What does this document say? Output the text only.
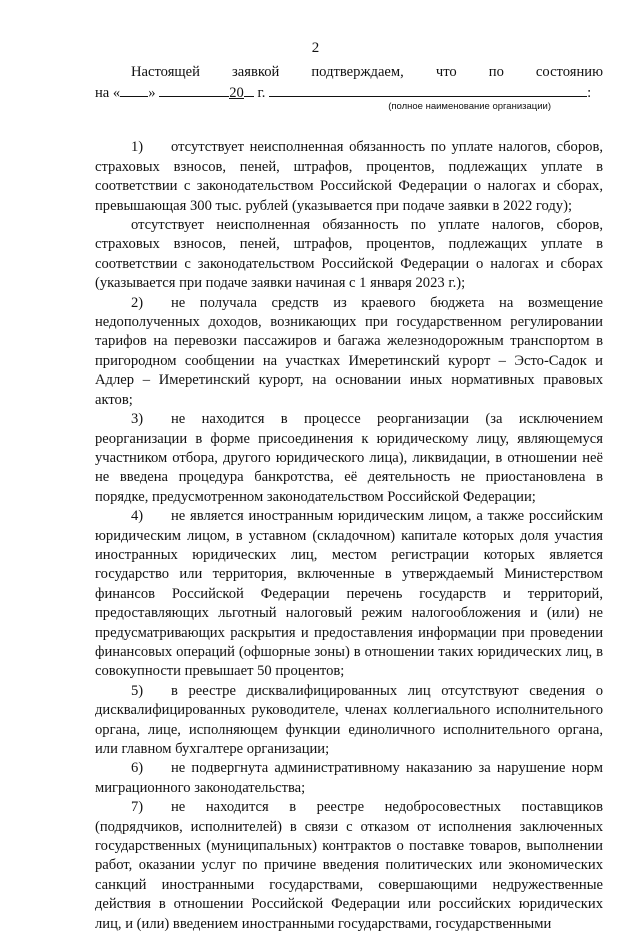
2

Настоящей заявкой подтверждаем, что по состоянию

на « »	20 г.	:

(полное наименование организации)

1) отсутствует неисполненная обязанность по уплате налогов, сборов, страховых взносов, пеней, штрафов, процентов, подлежащих уплате в соответствии с законодательством Российской Федерации о налогах и сборах, превышающая 300 тыс. рублей (указывается при подаче заявки в 2022 году);

отсутствует неисполненная обязанность по уплате налогов, сборов, страховых взносов, пеней, штрафов, процентов, подлежащих уплате в соответствии с законодательством Российской Федерации о налогах и сборах (указывается при подаче заявки начиная с 1 января 2023 г.);

2) не получала средств из краевого бюджета на возмещение недополученных доходов, возникающих при государственном регулировании тарифов на перевозки пассажиров и багажа железнодорожным транспортом в пригородном сообщении на участках Имеретинский курорт – Эсто-Садок и Адлер – Имеретинский курорт, на основании иных нормативных правовых актов;

3) не находится в процессе реорганизации (за исключением реорганизации в форме присоединения к юридическому лицу, являющемуся участником отбора, другого юридического лица), ликвидации, в отношении неё не введена процедура банкротства, её деятельность не приостановлена в порядке, предусмотренном законодательством Российской Федерации;

4) не является иностранным юридическим лицом, а также российским юридическим лицом, в уставном (складочном) капитале которых доля участия иностранных юридических лиц, местом регистрации которых является государство или территория, включенные в утверждаемый Министерством финансов Российской Федерации перечень государств и территорий, предоставляющих льготный налоговый режим налогообложения и (или) не предусматривающих раскрытия и предоставления информации при проведении финансовых операций (офшорные зоны) в отношении таких юридических лиц, в совокупности превышает 50 процентов;

5) в реестре дисквалифицированных лиц отсутствуют сведения о дисквалифицированных руководителе, членах коллегиального исполнительного органа, лице, исполняющем функции единоличного исполнительного органа, или главном бухгалтере организации;

6) не подвергнута административному наказанию за нарушение норм миграционного законодательства;

7) не находится в реестре недобросовестных поставщиков (подрядчиков, исполнителей) в связи с отказом от исполнения заключенных государственных (муниципальных) контрактов о поставке товаров, выполнении работ, оказании услуг по причине введения политических или экономических санкций иностранными государствами, совершающими недружественные действия в отношении Российской Федерации или российских юридических лиц, и (или) введением иностранными государствами, государственными
